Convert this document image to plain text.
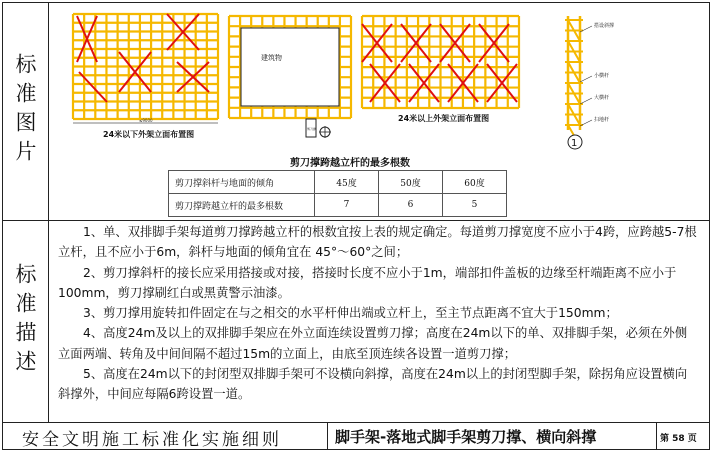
标准图片
标准描述
≤9000
建筑物
剪刀撑
搭设斜撑
小横杆
大横杆
扫地杆
1
24米以下外架立面布置图
24米以上外架立面布置图
剪刀撑跨越立杆的最多根数
剪刀撑斜杆与地面的倾角	45度	50度	60度
剪刀撑跨越立杆的最多根数	7	6	5

1、单、双排脚手架每道剪刀撑跨越立杆的根数宜按上表的规定确定。每道剪刀撑宽度不应小于4跨，应跨越5-7根立杆，且不应小于6m，斜杆与地面的倾角宜在 45°～60°之间；

2、剪刀撑斜杆的接长应采用搭接或对接，搭接时长度不应小于1m，端部扣件盖板的边缘至杆端距离不应小于100mm，剪刀撑刷红白或黑黄警示油漆。

3、剪刀撑用旋转扣件固定在与之相交的水平杆伸出端或立杆上，至主节点距离不宜大于150mm；

4、高度24m及以上的双排脚手架应在外立面连续设置剪刀撑；高度在24m以下的单、双排脚手架，必须在外侧立面两端、转角及中间间隔不超过15m的立面上，由底至顶连续各设置一道剪刀撑；

5、高度在24m以下的封闭型双排脚手架可不设横向斜撑，高度在24m以上的封闭型脚手架，除拐角应设置横向斜撑外，中间应每隔6跨设置一道。

安全文明施工标准化实施细则	脚手架-落地式脚手架剪刀撑、横向斜撑	第 58 页
